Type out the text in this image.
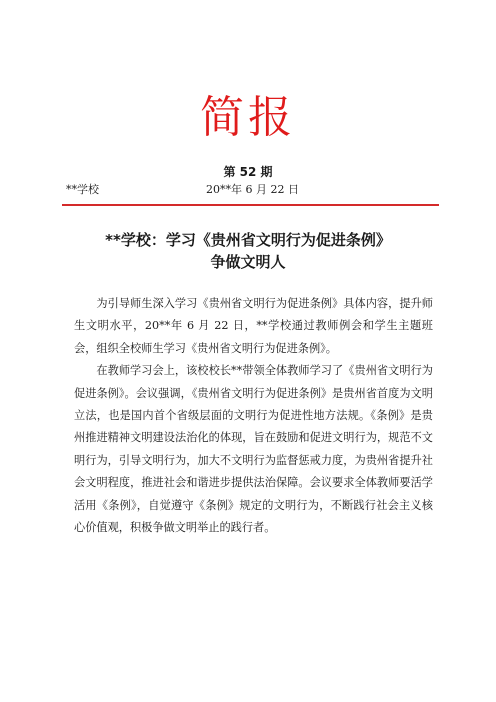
简报
第 52 期
**学校	20**年 6 月 22 日
**学校：学习《贵州省文明行为促进条例》
争做文明人

为引导师生深入学习《贵州省文明行为促进条例》具体内容，提升师生文明水平，20**年 6 月 22 日，**学校通过教师例会和学生主题班会，组织全校师生学习《贵州省文明行为促进条例》。

在教师学习会上，该校校长**带领全体教师学习了《贵州省文明行为促进条例》。会议强调，《贵州省文明行为促进条例》是贵州省首度为文明立法，也是国内首个省级层面的文明行为促进性地方法规。《条例》是贵州推进精神文明建设法治化的体现，旨在鼓励和促进文明行为，规范不文明行为，引导文明行为，加大不文明行为监督惩戒力度，为贵州省提升社会文明程度，推进社会和谐进步提供法治保障。会议要求全体教师要活学活用《条例》，自觉遵守《条例》规定的文明行为，不断践行社会主义核心价值观，积极争做文明举止的践行者。
